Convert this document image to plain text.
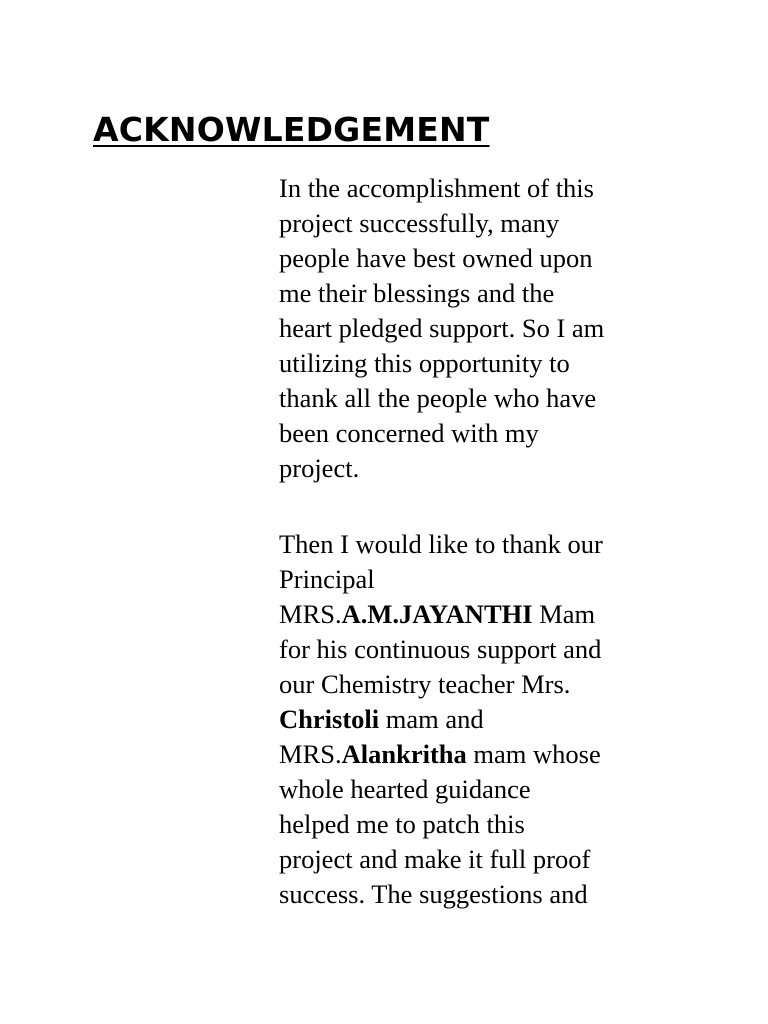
ACKNOWLEDGEMENT
In the accomplishment of this
project successfully, many
people have best owned upon
me their blessings and the
heart pledged support. So I am
utilizing this opportunity to
thank all the people who have
been concerned with my
project.
Then I would like to thank our
Principal
MRS.A.M.JAYANTHI Mam
for his continuous support and
our Chemistry teacher Mrs.
Christoli mam and
MRS.Alankritha mam whose
whole hearted guidance
helped me to patch this
project and make it full proof
success. The suggestions and
